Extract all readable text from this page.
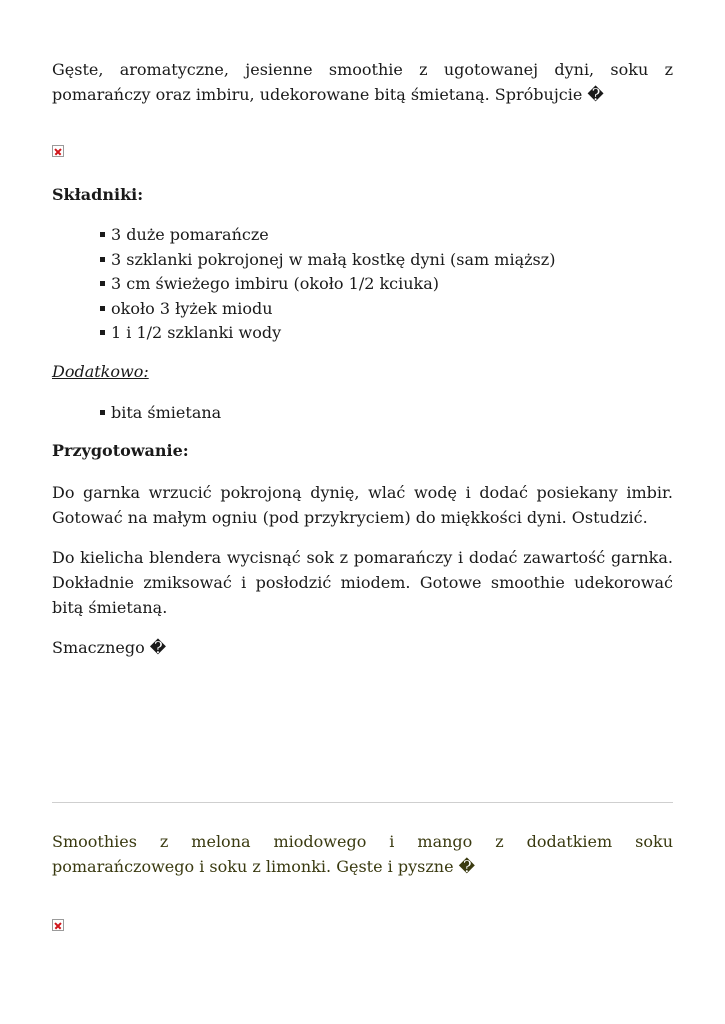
Gęste, aromatyczne, jesienne smoothie z ugotowanej dyni, soku z pomarańczy oraz imbiru, udekorowane bitą śmietaną. Spróbujcie �

Składniki:
3 duże pomarańcze
3 szklanki pokrojonej w małą kostkę dyni (sam miąższ)
3 cm świeżego imbiru (około 1/2 kciuka)
około 3 łyżek miodu
1 i 1/2 szklanki wody
Dodatkowo:
bita śmietana
Przygotowanie:

Do garnka wrzucić pokrojoną dynię, wlać wodę i dodać posiekany imbir. Gotować na małym ogniu (pod przykryciem) do miękkości dyni. Ostudzić.

Do kielicha blendera wycisnąć sok z pomarańczy i dodać zawartość garnka. Dokładnie zmiksować i posłodzić miodem. Gotowe smoothie udekorować bitą śmietaną.

Smacznego �

Smoothies z melona miodowego i mango z dodatkiem soku pomarańczowego i soku z limonki. Gęste i pyszne �
